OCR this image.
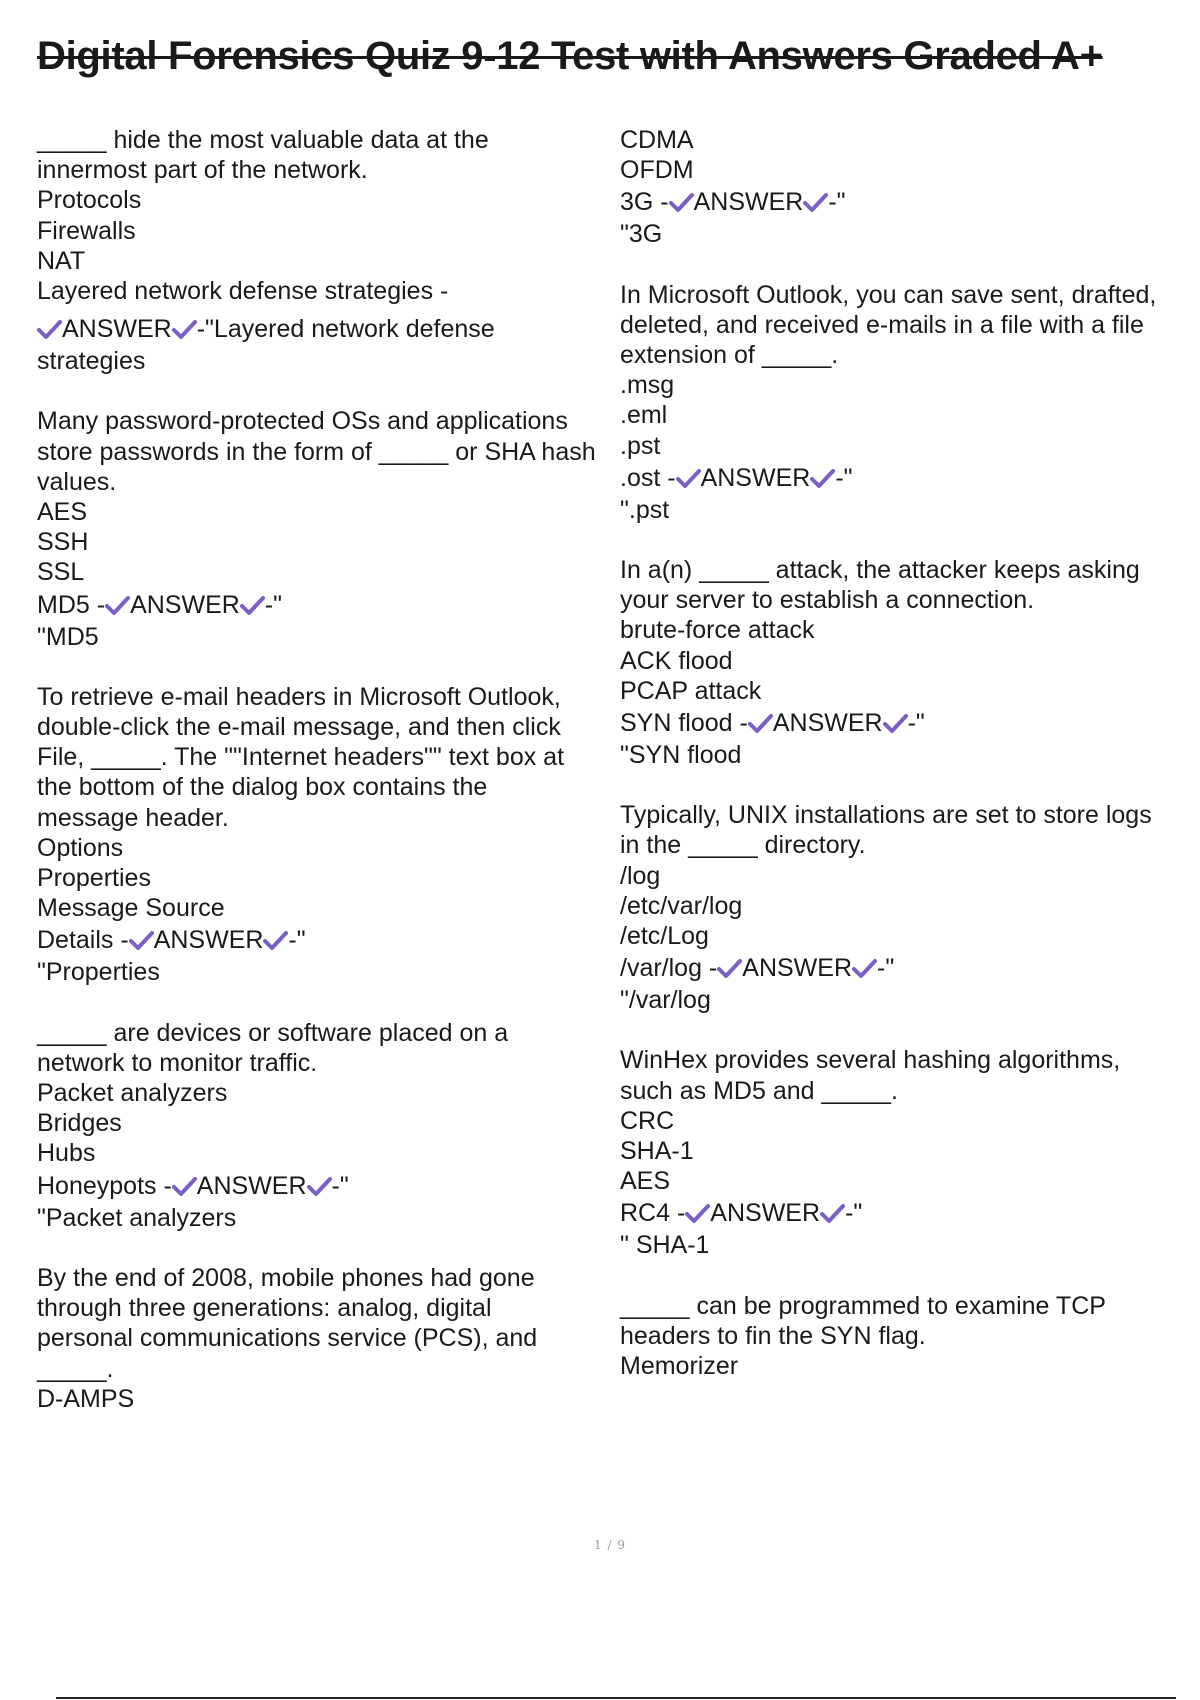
Digital Forensics Quiz 9-12 Test with Answers Graded A+
_____ hide the most valuable data at the
innermost part of the network.
Protocols
Firewalls
NAT
Layered network defense strategies -
ANSWER -"Layered network defense
strategies
Many password-protected OSs and applications
store passwords in the form of _____ or SHA hash
values.
AES
SSH
SSL
MD5 - ANSWER -"
"MD5
To retrieve e-mail headers in Microsoft Outlook,
double-click the e-mail message, and then click
File, _____. The ""Internet headers"" text box at
the bottom of the dialog box contains the
message header.
Options
Properties
Message Source
Details - ANSWER -"
"Properties
_____ are devices or software placed on a
network to monitor traffic.
Packet analyzers
Bridges
Hubs
Honeypots - ANSWER -"
"Packet analyzers
By the end of 2008, mobile phones had gone
through three generations: analog, digital
personal communications service (PCS), and
_____.
D-AMPS
CDMA
OFDM
3G - ANSWER -"
"3G
In Microsoft Outlook, you can save sent, drafted,
deleted, and received e-mails in a file with a file
extension of _____.
.msg
.eml
.pst
.ost - ANSWER -"
".pst
In a(n) _____ attack, the attacker keeps asking
your server to establish a connection.
brute-force attack
ACK flood
PCAP attack
SYN flood - ANSWER -"
"SYN flood
Typically, UNIX installations are set to store logs
in the _____ directory.
/log
/etc/var/log
/etc/Log
/var/log - ANSWER -"
"/var/log
WinHex provides several hashing algorithms,
such as MD5 and _____.
CRC
SHA-1
AES
RC4 - ANSWER -"
" SHA-1
_____ can be programmed to examine TCP
headers to fin the SYN flag.
Memorizer
1 / 9
